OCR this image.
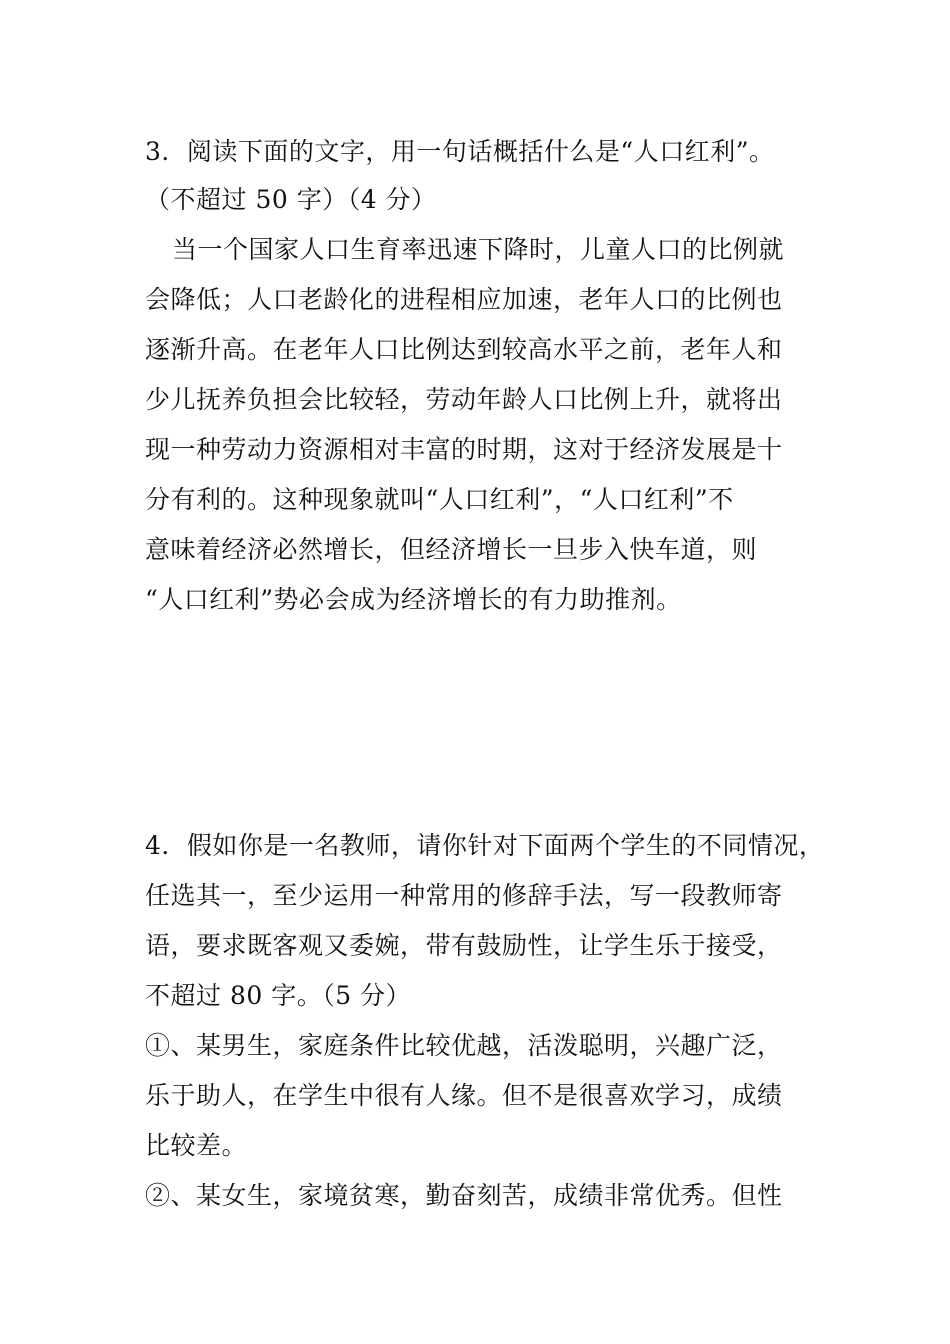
3．阅读下面的文字，用一句话概括什么是“人口红利”。
（不超过 50 字）（4 分）
当一个国家人口生育率迅速下降时，儿童人口的比例就
会降低；人口老龄化的进程相应加速，老年人口的比例也
逐渐升高。在老年人口比例达到较高水平之前，老年人和
少儿抚养负担会比较轻，劳动年龄人口比例上升，就将出
现一种劳动力资源相对丰富的时期，这对于经济发展是十
分有利的。这种现象就叫“人口红利”，“人口红利”不
意味着经济必然增长，但经济增长一旦步入快车道，则
“人口红利”势必会成为经济增长的有力助推剂。
4．假如你是一名教师，请你针对下面两个学生的不同情况，
任选其一，至少运用一种常用的修辞手法，写一段教师寄
语，要求既客观又委婉，带有鼓励性，让学生乐于接受，
不超过 80 字。（5 分）
①、某男生，家庭条件比较优越，活泼聪明，兴趣广泛，
乐于助人，在学生中很有人缘。但不是很喜欢学习，成绩
比较差。
②、某女生，家境贫寒，勤奋刻苦，成绩非常优秀。但性
